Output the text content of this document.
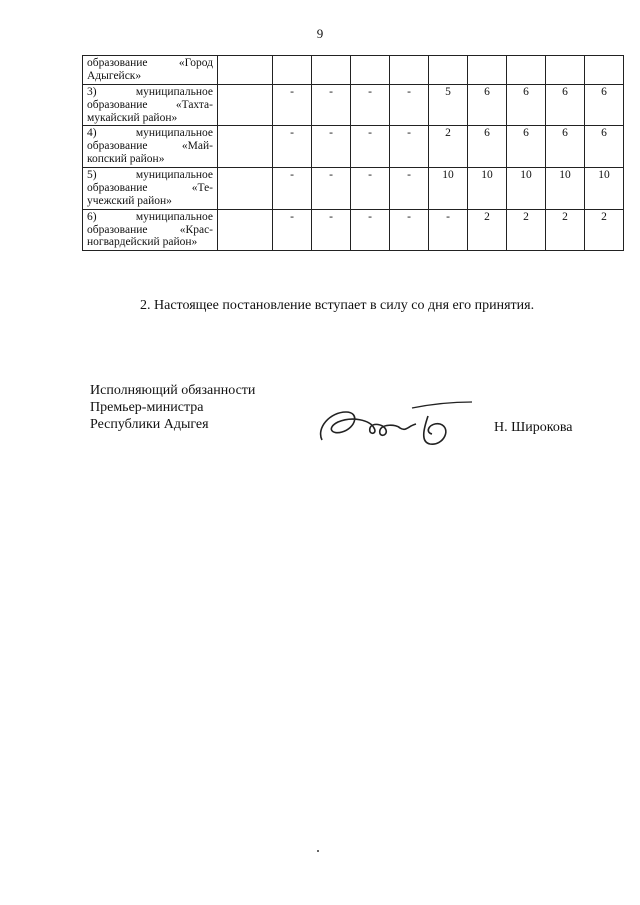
9
образование «Город Адыгейск»										
3) муниципальное образование «Тахта-мукайский район»		-	-	-	-	5	6	6	6	6
4) муниципальное образование «Май-копский район»		-	-	-	-	2	6	6	6	6
5) муниципальное образование «Те-учежский район»		-	-	-	-	10	10	10	10	10
6) муниципальное образование «Крас-ногвардейский район»		-	-	-	-	-	2	2	2	2
2. Настоящее постановление вступает в силу со дня его принятия.
Исполняющий обязанности
Премьер-министра
Республики Адыгея	Н. Широкова
